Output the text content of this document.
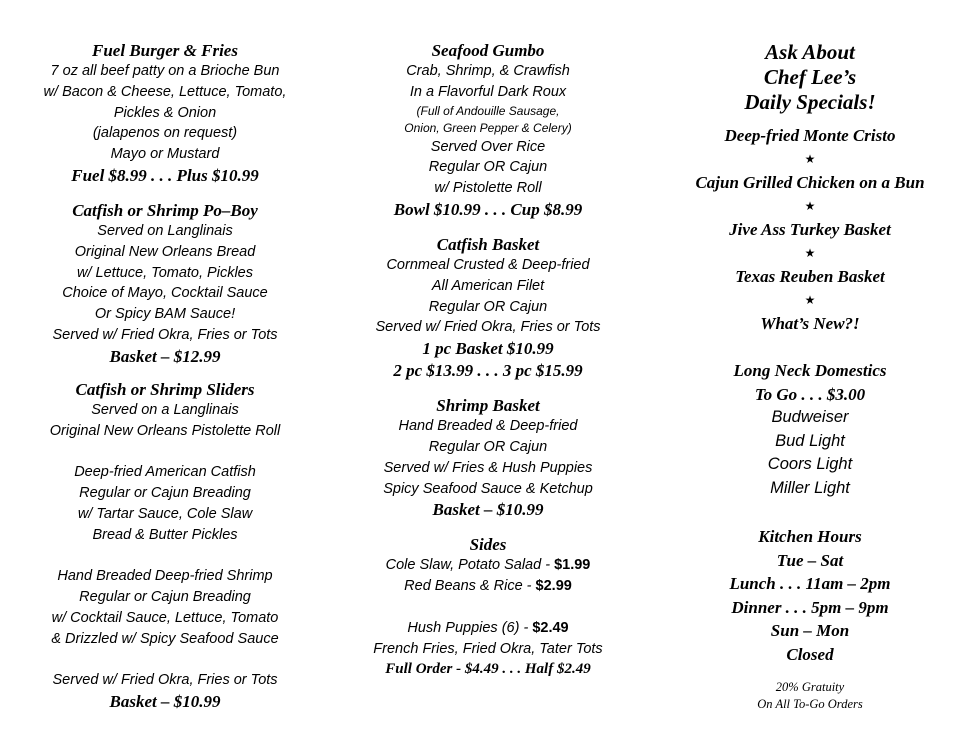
Fuel Burger & Fries
7 oz all beef patty on a Brioche Bun
w/ Bacon & Cheese, Lettuce, Tomato,
Pickles & Onion
(jalapenos on request)
Mayo or Mustard
Fuel $8.99 . . . Plus $10.99
Catfish or Shrimp Po–Boy
Served on Langlinais
Original New Orleans Bread
w/ Lettuce, Tomato, Pickles
Choice of Mayo, Cocktail Sauce
Or Spicy BAM Sauce!
Served w/ Fried Okra, Fries or Tots
Basket – $12.99
Catfish or Shrimp Sliders
Served on a Langlinais
Original New Orleans Pistolette Roll
Deep-fried American Catfish
Regular or Cajun Breading
w/ Tartar Sauce, Cole Slaw
Bread & Butter Pickles
Hand Breaded Deep-fried Shrimp
Regular or Cajun Breading
w/ Cocktail Sauce, Lettuce, Tomato
& Drizzled w/ Spicy Seafood Sauce
Served w/ Fried Okra, Fries or Tots
Basket – $10.99
Seafood Gumbo
Crab, Shrimp, & Crawfish
In a Flavorful Dark Roux
(Full of Andouille Sausage,
Onion, Green Pepper & Celery)
Served Over Rice
Regular OR Cajun
w/ Pistolette Roll
Bowl $10.99 . . . Cup $8.99
Catfish Basket
Cornmeal Crusted & Deep-fried
All American Filet
Regular OR Cajun
Served w/ Fried Okra, Fries or Tots
1 pc Basket $10.99
2 pc $13.99 . . . 3 pc $15.99
Shrimp Basket
Hand Breaded & Deep-fried
Regular OR Cajun
Served w/ Fries & Hush Puppies
Spicy Seafood Sauce & Ketchup
Basket – $10.99
Sides
Cole Slaw, Potato Salad - $1.99
Red Beans & Rice - $2.99
Hush Puppies (6) - $2.49
French Fries, Fried Okra, Tater Tots
Full Order - $4.49 . . . Half $2.49
Ask About
Chef Lee’s
Daily Specials!
Deep-fried Monte Cristo
★
Cajun Grilled Chicken on a Bun
★
Jive Ass Turkey Basket
★
Texas Reuben Basket
★
What’s New?!
Long Neck Domestics
To Go . . . $3.00
Budweiser
Bud Light
Coors Light
Miller Light
Kitchen Hours
Tue – Sat
Lunch . . . 11am – 2pm
Dinner . . . 5pm – 9pm
Sun – Mon
Closed
20% Gratuity
On All To-Go Orders
